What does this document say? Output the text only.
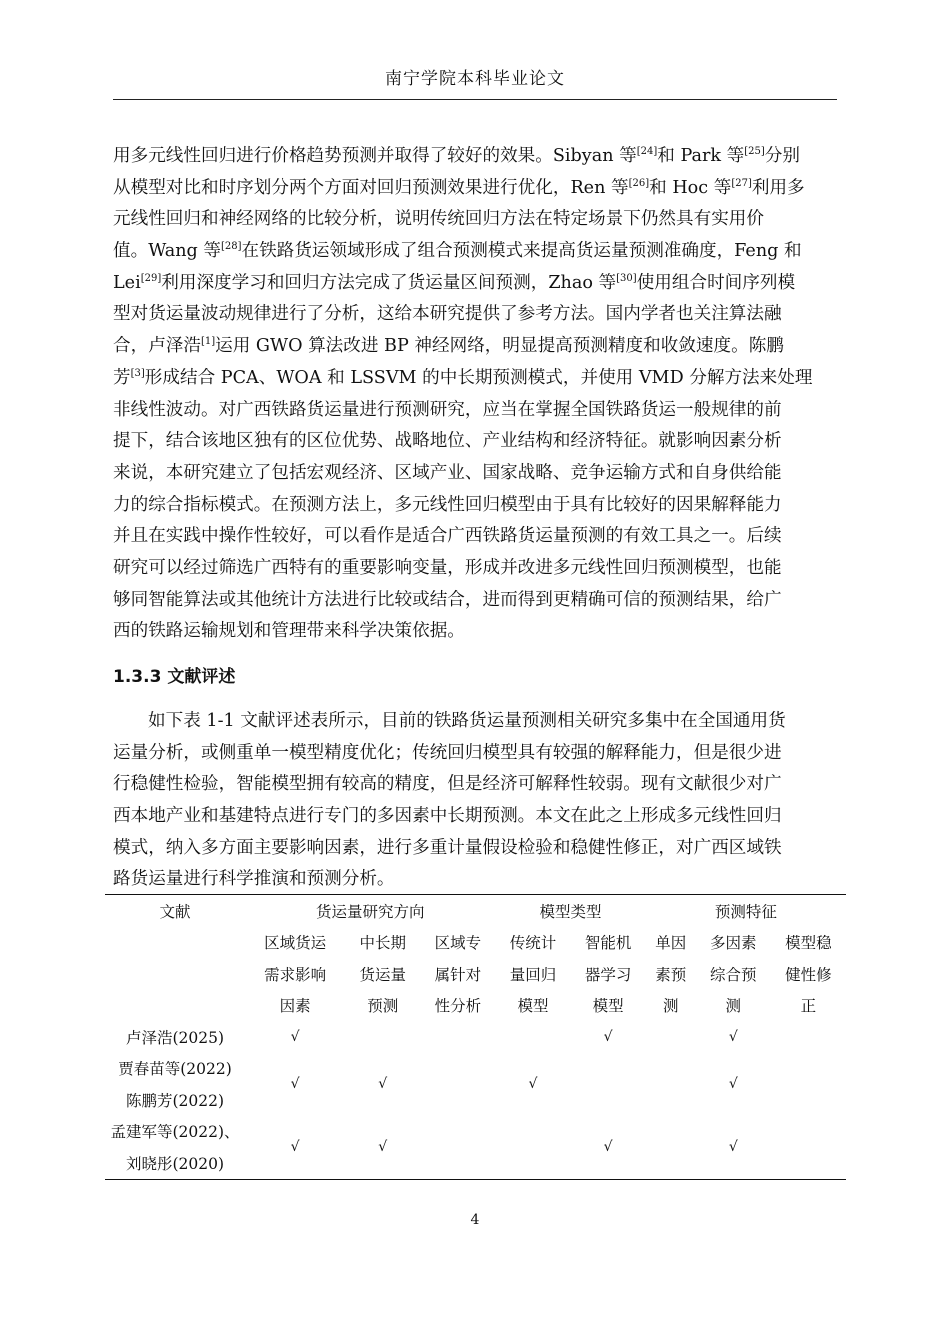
南宁学院本科毕业论文
用多元线性回归进行价格趋势预测并取得了较好的效果。Sibyan 等[24]和 Park 等[25]分别
从模型对比和时序划分两个方面对回归预测效果进行优化，Ren 等[26]和 Hoc 等[27]利用多
元线性回归和神经网络的比较分析，说明传统回归方法在特定场景下仍然具有实用价
值。Wang 等[28]在铁路货运领域形成了组合预测模式来提高货运量预测准确度，Feng 和
Lei[29]利用深度学习和回归方法完成了货运量区间预测，Zhao 等[30]使用组合时间序列模
型对货运量波动规律进行了分析，这给本研究提供了参考方法。国内学者也关注算法融
合，卢泽浩[1]运用 GWO 算法改进 BP 神经网络，明显提高预测精度和收敛速度。陈鹏
芳[3]形成结合 PCA、WOA 和 LSSVM 的中长期预测模式，并使用 VMD 分解方法来处理
非线性波动。对广西铁路货运量进行预测研究，应当在掌握全国铁路货运一般规律的前
提下，结合该地区独有的区位优势、战略地位、产业结构和经济特征。就影响因素分析
来说，本研究建立了包括宏观经济、区域产业、国家战略、竞争运输方式和自身供给能
力的综合指标模式。在预测方法上，多元线性回归模型由于具有比较好的因果解释能力
并且在实践中操作性较好，可以看作是适合广西铁路货运量预测的有效工具之一。后续
研究可以经过筛选广西特有的重要影响变量，形成并改进多元线性回归预测模型，也能
够同智能算法或其他统计方法进行比较或结合，进而得到更精确可信的预测结果，给广
西的铁路运输规划和管理带来科学决策依据。
1.3.3 文献评述
如下表 1-1 文献评述表所示，目前的铁路货运量预测相关研究多集中在全国通用货
运量分析，或侧重单一模型精度优化；传统回归模型具有较强的解释能力，但是很少进
行稳健性检验，智能模型拥有较高的精度，但是经济可解释性较弱。现有文献很少对广
西本地产业和基建特点进行专门的多因素中长期预测。本文在此之上形成多元线性回归
模式，纳入多方面主要影响因素，进行多重计量假设检验和稳健性修正，对广西区域铁
路货运量进行科学推演和预测分析。
文献	货运量研究方向			模型类型		预测特征		
	区域货运	中长期	区域专	传统计	智能机	单因	多因素	模型稳
	需求影响	货运量	属针对	量回归	器学习	素预	综合预	健性修
	因素	预测	性分析	模型	模型	测	测	正
卢泽浩(2025)	√				√		√	
贾春苗等(2022)	√	√		√			√	
陈鹏芳(2022)								
孟建军等(2022)、	√	√			√		√	
刘晓彤(2020)								
4
